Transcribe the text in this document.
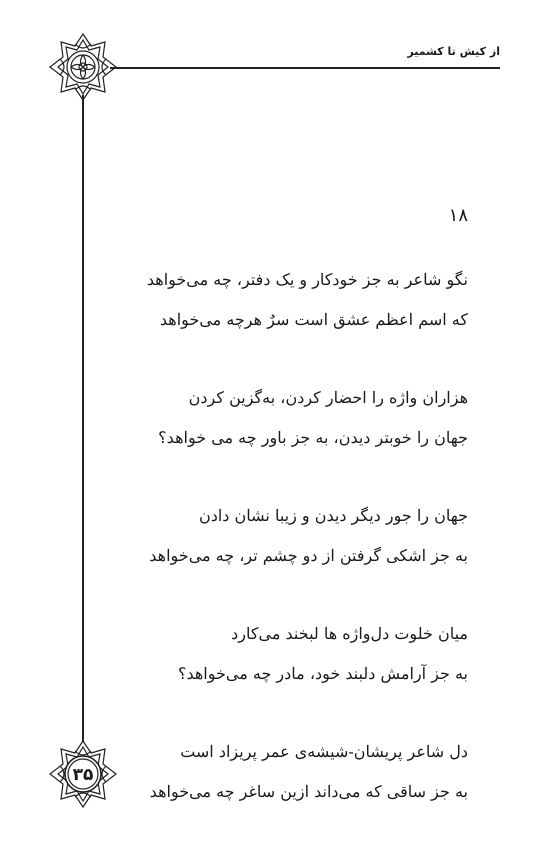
از کیش تا کشمیر
۱۸
نگو شاعر به جز خودکار و یک دفتر، چه می‌خواهد
که اسم اعظم عشق است سرٌ هرچه می‌خواهد
هزاران واژه را احضار کردن، به‌گزین کردن
جهان را خوبتر دیدن، به جز باور چه می خواهد؟
جهان را جور دیگر دیدن و زیبا نشان دادن
به جز اشکی گرفتن از دو چشم تر، چه می‌خواهد
میان خلوت دل‌واژه ها لبخند می‌کارد
به جز آرامش دلبند خود، مادر چه می‌خواهد؟
دل شاعر پریشان-شیشه‌ی عمر پریزاد است
به جز ساقی که می‌داند ازین ساغر چه می‌خواهد
۳۵
